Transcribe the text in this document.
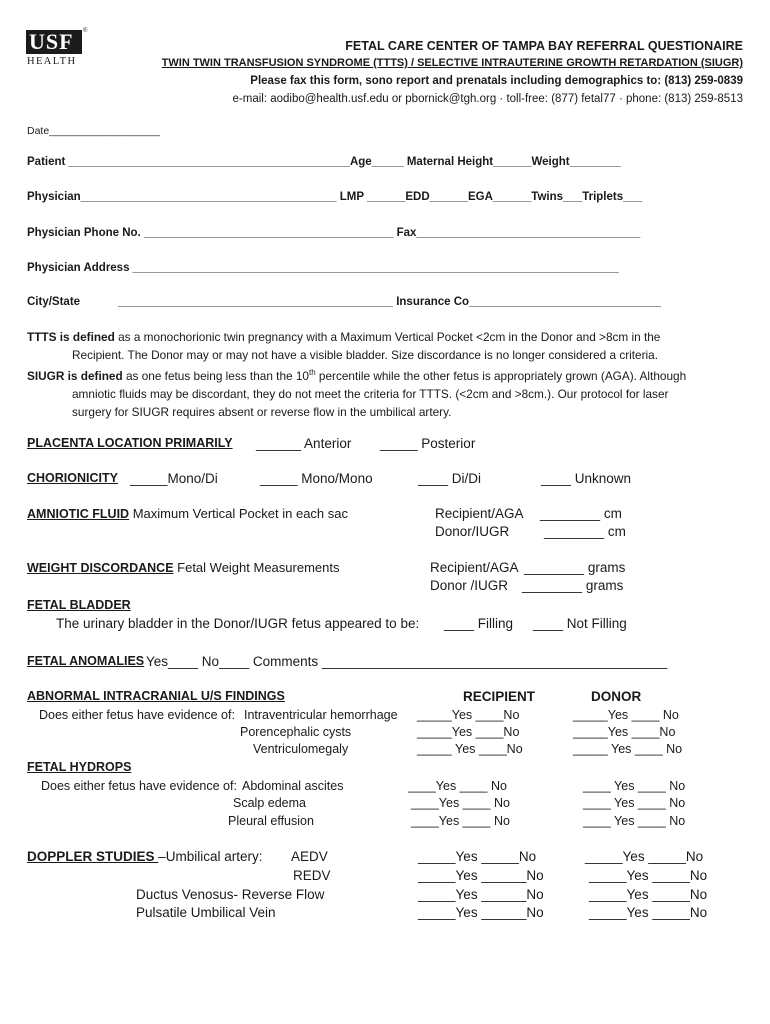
USF	®
HEALTH
FETAL CARE CENTER OF TAMPA BAY REFERRAL QUESTIONAIRE
TWIN TWIN TRANSFUSION SYNDROME (TTTS) / SELECTIVE INTRAUTERINE GROWTH RETARDATION (SIUGR)
Please fax this form, sono report and prenatals including demographics to: (813) 259-0839
e-mail: aodibo@health.usf.edu or pbornick@tgh.org · toll-free: (877) fetal77 · phone: (813) 259-8513
Date___________________
Patient ____________________________________________Age_____ Maternal Height______Weight________
Physician________________________________________ LMP ______EDD______EGA______Twins___Triplets___
Physician Phone No. _______________________________________ Fax___________________________________
Physician Address ____________________________________________________________________________
City/State	___________________________________________ Insurance Co______________________________
TTTS is defined as a monochorionic twin pregnancy with a Maximum Vertical Pocket <2cm in the Donor and >8cm in the
Recipient. The Donor may or may not have a visible bladder. Size discordance is no longer considered a criteria.
SIUGR is defined as one fetus being less than the 10th percentile while the other fetus is appropriately grown (AGA). Although
amniotic fluids may be discordant, they do not meet the criteria for TTTS. (<2cm and >8cm.). Our protocol for laser
surgery for SIUGR requires absent or reverse flow in the umbilical artery.
PLACENTA LOCATION PRIMARILY ______ Anterior _____ Posterior
CHORIONICITY _____Mono/Di	_____ Mono/Mono	____ Di/Di	____ Unknown
AMNIOTIC FLUID Maximum Vertical Pocket in each sac	Recipient/AGA ________ cm
Donor/IUGR	________ cm
WEIGHT DISCORDANCE Fetal Weight Measurements	Recipient/AGA ________ grams
Donor /IUGR ________ grams
FETAL BLADDER
The urinary bladder in the Donor/IUGR fetus appeared to be: ____ Filling ____ Not Filling
FETAL ANOMALIES Yes____ No____ Comments ______________________________________________
ABNORMAL INTRACRANIAL U/S FINDINGS	RECIPIENT	DONOR
Does either fetus have evidence of: Intraventricular hemorrhage _____Yes ____No	_____Yes ____ No
Porencephalic cysts	_____Yes ____No	_____Yes ____No
Ventriculomegaly	_____ Yes ____No	_____ Yes ____ No
FETAL HYDROPS
Does either fetus have evidence of: Abdominal ascites	____Yes ____ No	____ Yes ____ No
Scalp edema	____Yes ____ No	____ Yes ____ No
Pleural effusion	____Yes ____ No	____ Yes ____ No
DOPPLER STUDIES –Umbilical artery: AEDV	_____Yes _____No	_____Yes _____No
REDV	_____Yes ______No	_____Yes _____No
Ductus Venosus- Reverse Flow	_____Yes ______No	_____Yes _____No
Pulsatile Umbilical Vein	_____Yes ______No	_____Yes _____No
